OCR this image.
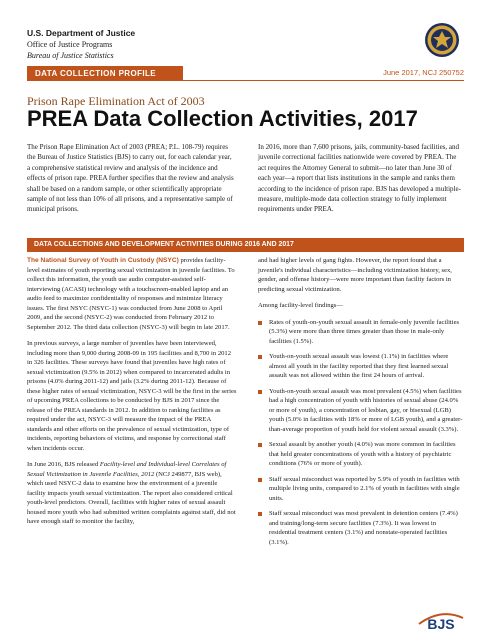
U.S. Department of Justice
Office of Justice Programs
Bureau of Justice Statistics
DATA COLLECTION PROFILE	June 2017, NCJ 250752
Prison Rape Elimination Act of 2003
PREA Data Collection Activities, 2017

The Prison Rape Elimination Act of 2003 (PREA; P.L. 108-79) requires the Bureau of Justice Statistics (BJS) to carry out, for each calendar year, a comprehensive statistical review and analysis of the incidence and effects of prison rape. PREA further specifies that the review and analysis shall be based on a random sample, or other scientifically appropriate sample of not less than 10% of all prisons, and a representative sample of municipal prisons.

In 2016, more than 7,600 prisons, jails, community-based facilities, and juvenile correctional facilities nationwide were covered by PREA. The act requires the Attorney General to submit—no later than June 30 of each year—a report that lists institutions in the sample and ranks them according to the incidence of prison rape. BJS has developed a multiple-measure, multiple-mode data collection strategy to fully implement requirements under PREA.

DATA COLLECTIONS AND DEVELOPMENT ACTIVITIES DURING 2016 AND 2017

The National Survey of Youth in Custody (NSYC) provides facility-level estimates of youth reporting sexual victimization in juvenile facilities. To collect this information, the youth use audio computer-assisted self-interviewing (ACASI) technology with a touchscreen-enabled laptop and an audio feed to maximize confidentiality of responses and minimize literacy issues. The first NSYC (NSYC-1) was conducted from June 2008 to April 2009, and the second (NSYC-2) was conducted from February 2012 to September 2012. The third data collection (NSYC-3) will begin in late 2017.

In previous surveys, a large number of juveniles have been interviewed, including more than 9,000 during 2008-09 in 195 facilities and 8,700 in 2012 in 326 facilities. These surveys have found that juveniles have high rates of sexual victimization (9.5% in 2012) when compared to incarcerated adults in prisons (4.0% during 2011-12) and jails (3.2% during 2011-12). Because of these higher rates of sexual victimization, NSYC-3 will be the first in the series of upcoming PREA collections to be conducted by BJS in 2017 since the release of the PREA standards in 2012. In addition to ranking facilities as required under the act, NSYC-3 will measure the impact of the PREA standards and other efforts on the prevalence of sexual victimization, type of incidents, reporting behaviors of victims, and response by correctional staff when incidents occur.

In June 2016, BJS released Facility-level and Individual-level Correlates of Sexual Victimization in Juvenile Facilities, 2012 (NCJ 249877, BJS web), which used NSYC-2 data to examine how the environment of a juvenile facility impacts youth sexual victimization. The report also considered critical youth-level predictors. Overall, facilities with higher rates of sexual assault housed more youth who had submitted written complaints against staff, did not have enough staff to monitor the facility,

and had higher levels of gang fights. However, the report found that a juvenile's individual characteristics—including victimization history, sex, gender, and offense history—were more important than facility factors in predicting sexual victimization.

Among facility-level findings—

Rates of youth-on-youth sexual assault in female-only juvenile facilities (5.3%) were more than three times greater than those in male-only facilities (1.5%).
Youth-on-youth sexual assault was lowest (1.1%) in facilities where almost all youth in the facility reported that they first learned sexual assault was not allowed within the first 24 hours of arrival.
Youth-on-youth sexual assault was most prevalent (4.5%) when facilities had a high concentration of youth with histories of sexual abuse (24.0% or more of youth), a concentration of lesbian, gay, or bisexual (LGB) youth (5.0% in facilities with 18% or more of LGB youth), and a greater-than-average proportion of youth held for violent sexual assault (3.3%).
Sexual assault by another youth (4.0%) was more common in facilities that held greater concentrations of youth with a history of psychiatric conditions (76% or more of youth).
Staff sexual misconduct was reported by 5.9% of youth in facilities with multiple living units, compared to 2.1% of youth in facilities with single units.
Staff sexual misconduct was most prevalent in detention centers (7.4%) and training/long-term secure facilities (7.3%). It was lowest in residential treatment centers (3.1%) and nonstate-operated facilities (3.1%).
BJS
